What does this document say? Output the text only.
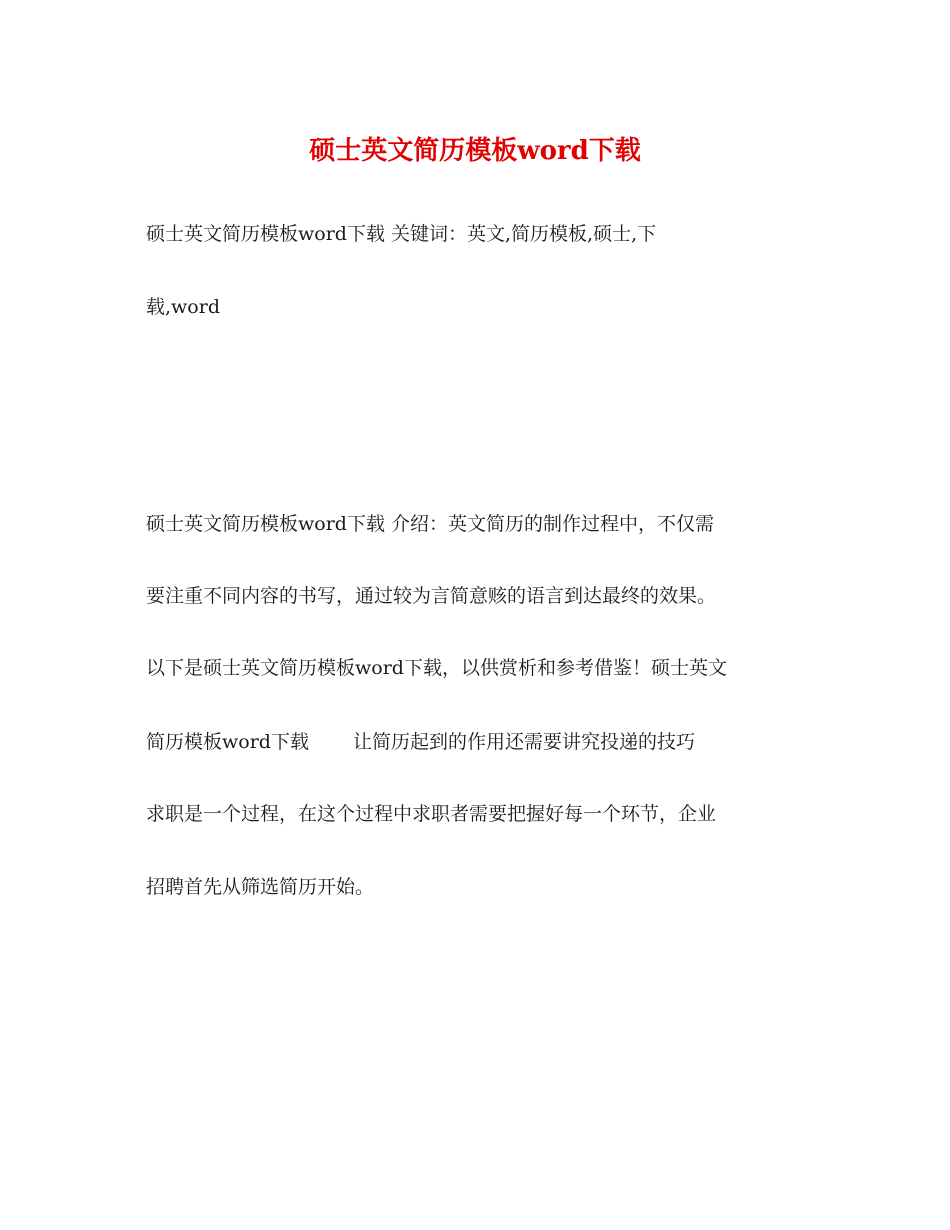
硕士英文简历模板word下载
硕士英文简历模板word下载 关键词：英文,简历模板,硕士,下
载,word
硕士英文简历模板word下载 介绍：英文简历的制作过程中，不仅需
要注重不同内容的书写，通过较为言简意赅的语言到达最终的效果。
以下是硕士英文简历模板word下载，以供赏析和参考借鉴！硕士英文
简历模板word下载 让简历起到的作用还需要讲究投递的技巧
求职是一个过程，在这个过程中求职者需要把握好每一个环节，企业
招聘首先从筛选简历开始。
